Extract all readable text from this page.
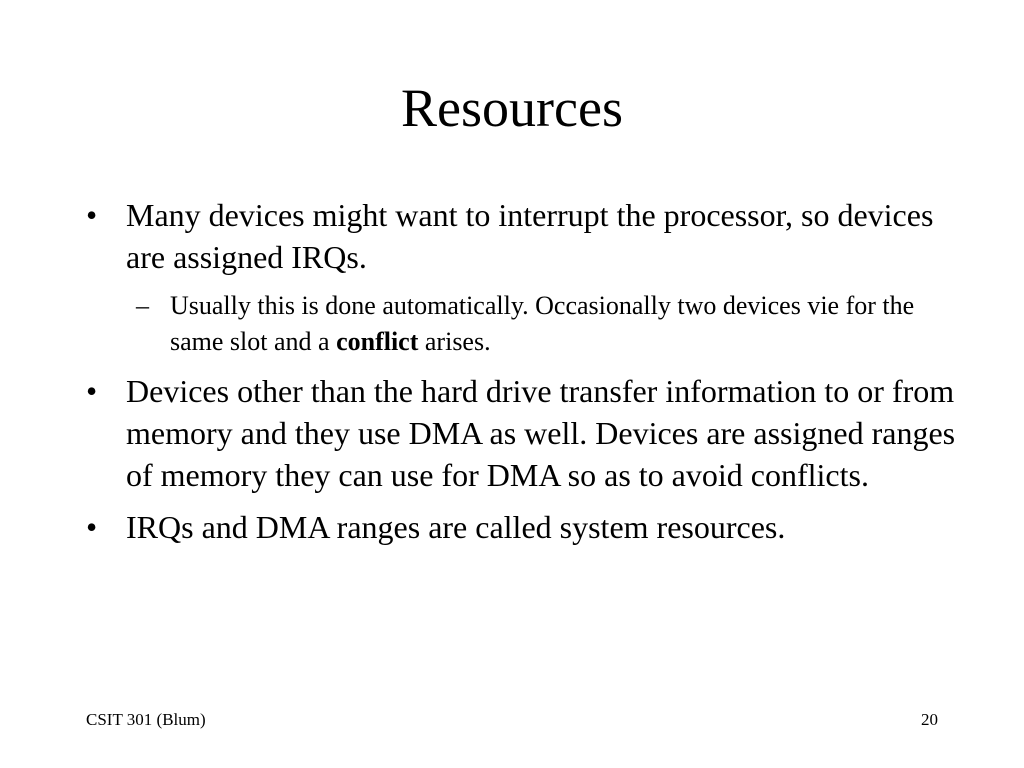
Resources
• Many devices might want to interrupt the processor, so devices are assigned IRQs.
– Usually this is done automatically. Occasionally two devices vie for the same slot and a conflict arises.
• Devices other than the hard drive transfer information to or from memory and they use DMA as well. Devices are assigned ranges of memory they can use for DMA so as to avoid conflicts.
• IRQs and DMA ranges are called system resources.
CSIT 301 (Blum)	20
